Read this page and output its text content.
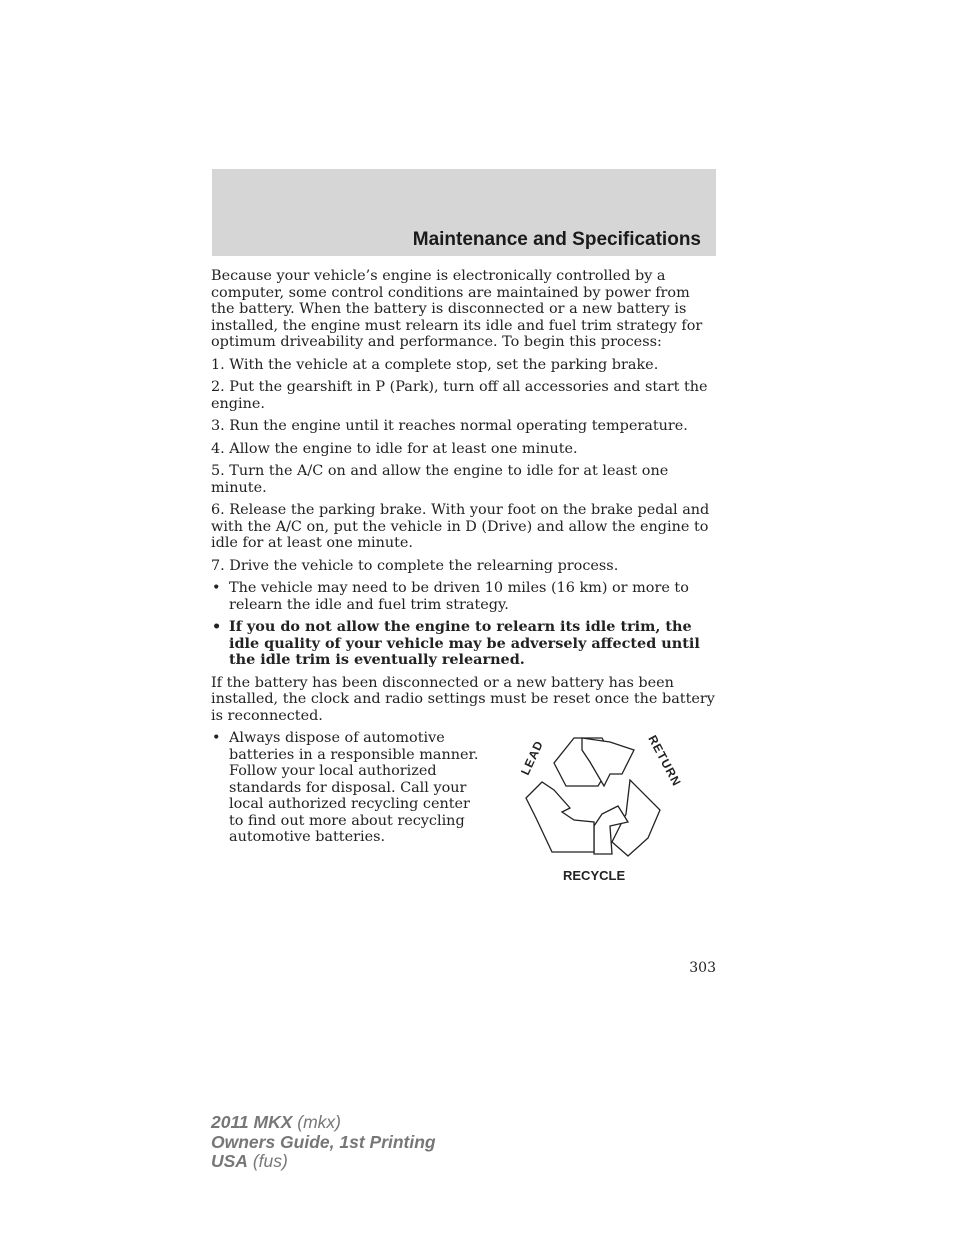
Maintenance and Specifications

Because your vehicle’s engine is electronically controlled by a computer, some control conditions are maintained by power from the battery. When the battery is disconnected or a new battery is installed, the engine must relearn its idle and fuel trim strategy for optimum driveability and performance. To begin this process:

1. With the vehicle at a complete stop, set the parking brake.

2. Put the gearshift in P (Park), turn off all accessories and start the engine.

3. Run the engine until it reaches normal operating temperature.

4. Allow the engine to idle for at least one minute.

5. Turn the A/C on and allow the engine to idle for at least one minute.

6. Release the parking brake. With your foot on the brake pedal and with the A/C on, put the vehicle in D (Drive) and allow the engine to idle for at least one minute.

7. Drive the vehicle to complete the relearning process.

• The vehicle may need to be driven 10 miles (16 km) or more to relearn the idle and fuel trim strategy.
• If you do not allow the engine to relearn its idle trim, the idle quality of your vehicle may be adversely affected until the idle trim is eventually relearned.

If the battery has been disconnected or a new battery has been installed, the clock and radio settings must be reset once the battery is reconnected.

• Always dispose of automotive batteries in a responsible manner. Follow your local authorized standards for disposal. Call your local authorized recycling center to find out more about recycling automotive batteries.
LEAD	RETURN
RECYCLE
303
2011 MKX (mkx)
Owners Guide, 1st Printing
USA (fus)
